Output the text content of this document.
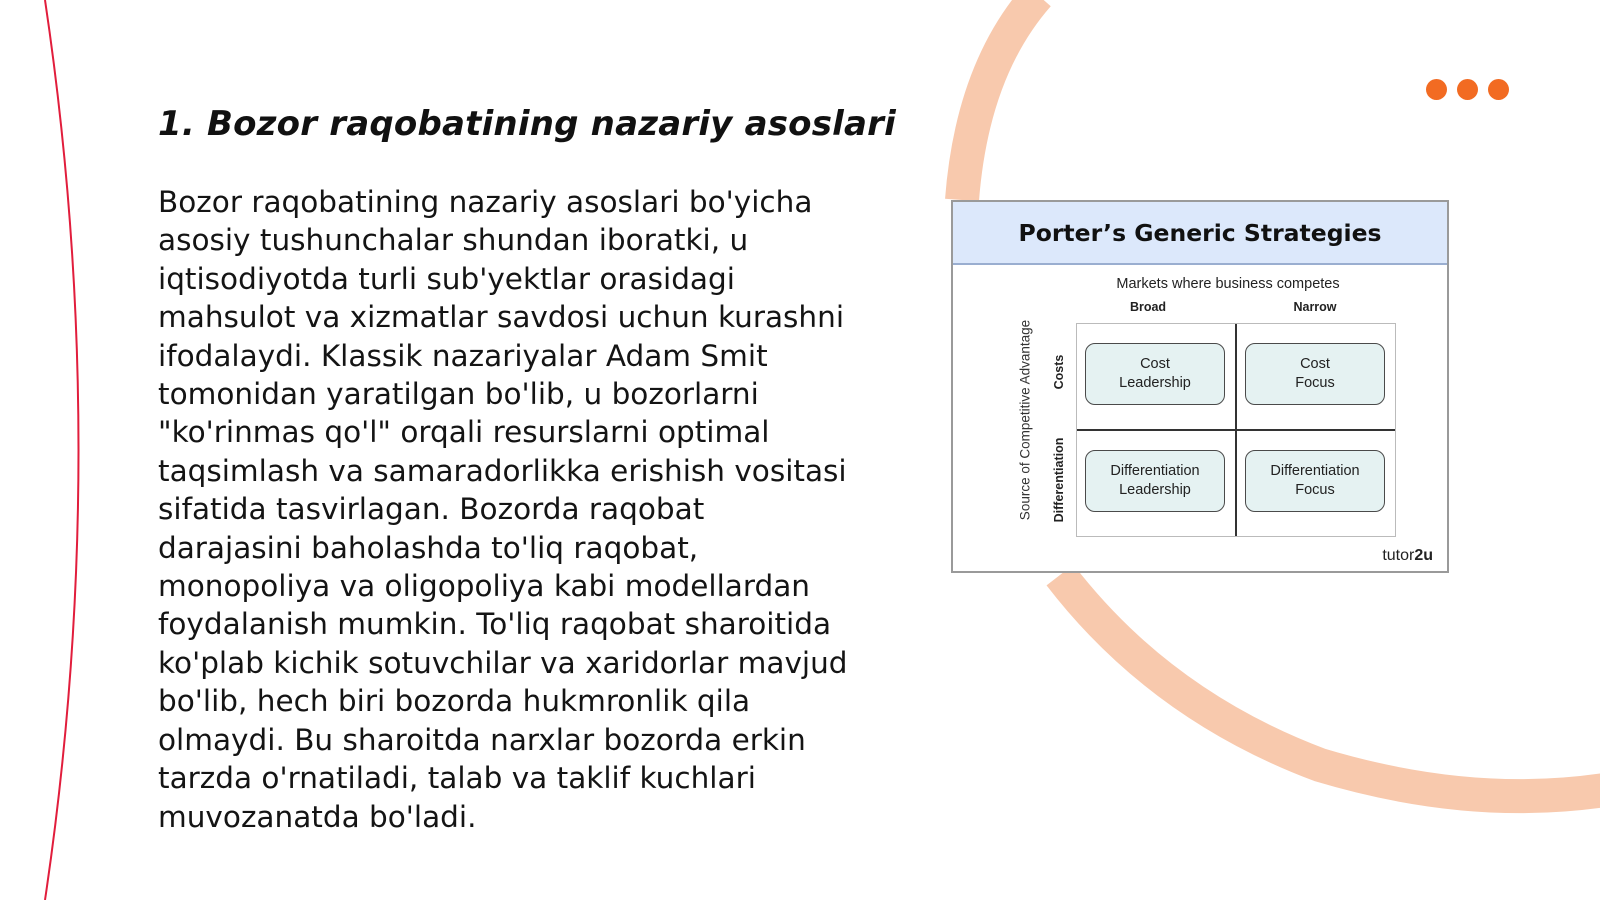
1. Bozor raqobatining nazariy asoslari

Bozor raqobatining nazariy asoslari bo'yicha asosiy tushunchalar shundan iboratki, u iqtisodiyotda turli sub'yektlar orasidagi mahsulot va xizmatlar savdosi uchun kurashni ifodalaydi. Klassik nazariyalar Adam Smit tomonidan yaratilgan bo'lib, u bozorlarni "ko'rinmas qo'l" orqali resurslarni optimal taqsimlash va samaradorlikka erishish vositasi sifatida tasvirlagan. Bozorda raqobat darajasini baholashda to'liq raqobat, monopoliya va oligopoliya kabi modellardan foydalanish mumkin. To'liq raqobat sharoitida ko'plab kichik sotuvchilar va xaridorlar mavjud bo'lib, hech biri bozorda hukmronlik qila olmaydi. Bu sharoitda narxlar bozorda erkin tarzda o'rnatiladi, talab va taklif kuchlari muvozanatda bo'ladi.

Porter’s Generic Strategies
Markets where business competes
Broad	Narrow
Source of Competitive Advantage Costs
Differentiation
Cost
Leadership
Cost
Focus
Differentiation
Leadership
Differentiation
Focus
tutor2u
